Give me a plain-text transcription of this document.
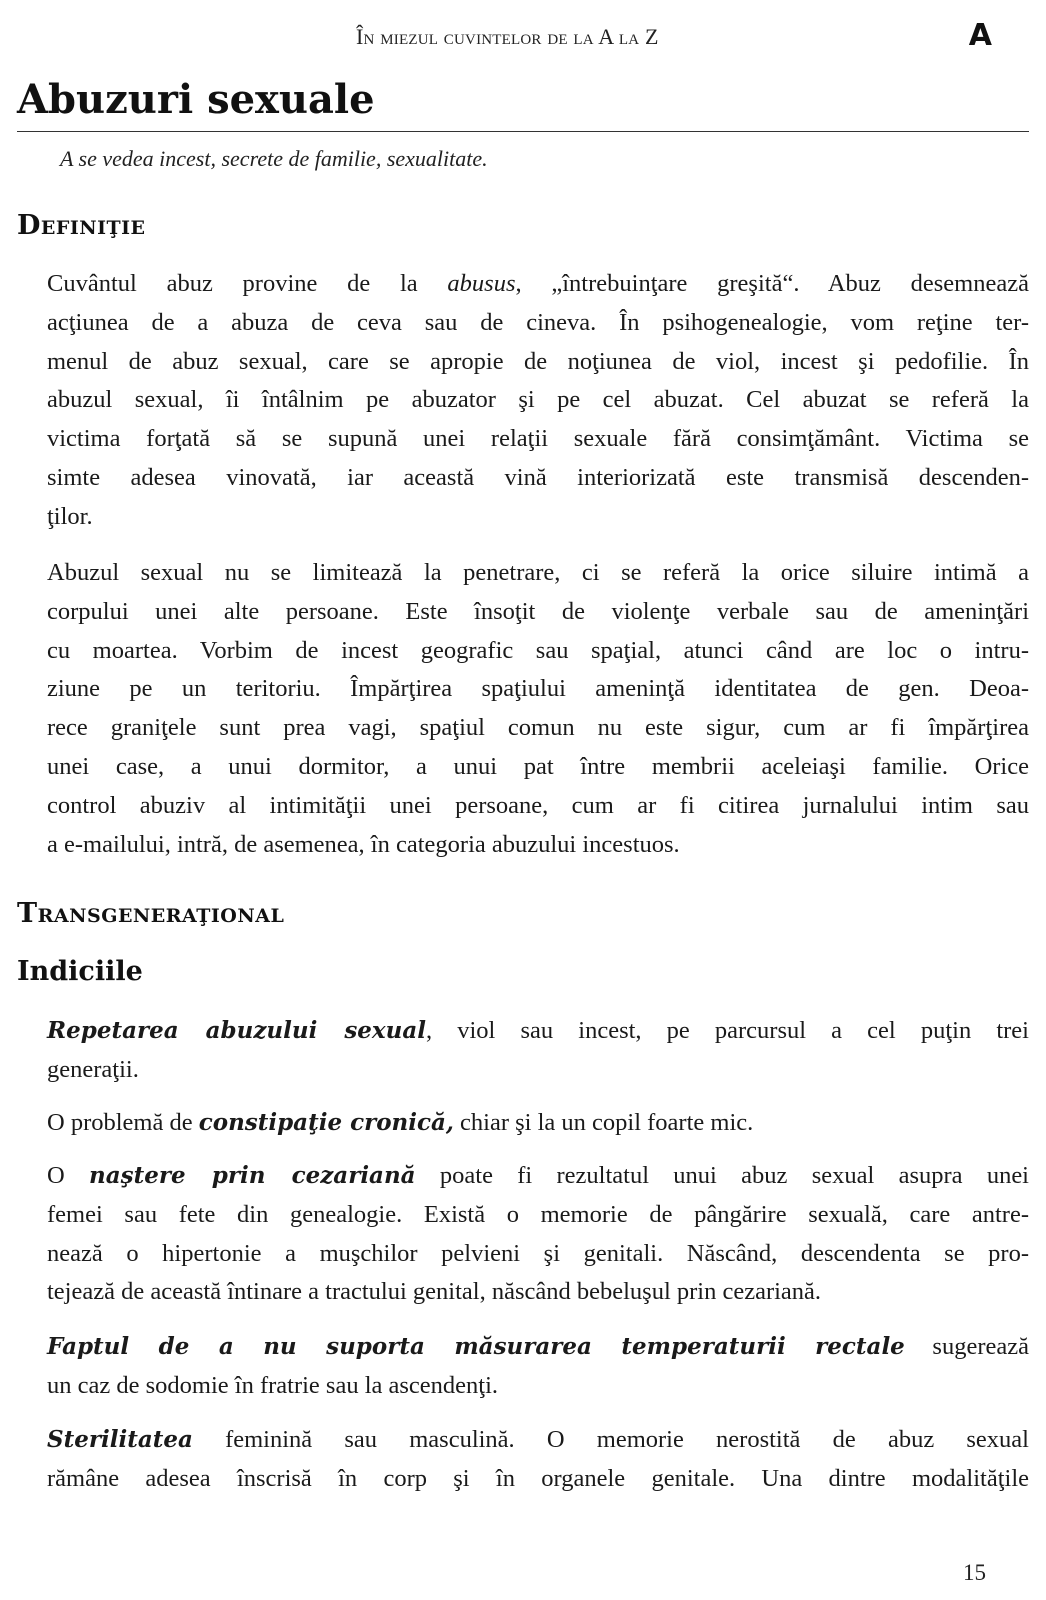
În miezul cuvintelor de la A la Z	A
Abuzuri sexuale
A se vedea incest, secrete de familie, sexualitate.
Definiţie

Cuvântul abuz provine de la abusus, „întrebuinţare greşită“. Abuz desemnează
acţiunea de a abuza de ceva sau de cineva. În psihogenealogie, vom reţine ter-
menul de abuz sexual, care se apropie de noţiunea de viol, incest şi pedofilie. În
abuzul sexual, îi întâlnim pe abuzator şi pe cel abuzat. Cel abuzat se referă la
victima forţată să se supună unei relaţii sexuale fără consimţământ. Victima se
simte adesea vinovată, iar această vină interiorizată este transmisă descenden-
ţilor.

Abuzul sexual nu se limitează la penetrare, ci se referă la orice siluire intimă a
corpului unei alte persoane. Este însoţit de violenţe verbale sau de ameninţări
cu moartea. Vorbim de incest geografic sau spaţial, atunci când are loc o intru-
ziune pe un teritoriu. Împărţirea spaţiului ameninţă identitatea de gen. Deoa-
rece graniţele sunt prea vagi, spaţiul comun nu este sigur, cum ar fi împărţirea
unei case, a unui dormitor, a unui pat între membrii aceleiaşi familie. Orice
control abuziv al intimităţii unei persoane, cum ar fi citirea jurnalului intim sau
a e-mailului, intră, de asemenea, în categoria abuzului incestuos.

Transgeneraţional
Indiciile

Repetarea abuzului sexual, viol sau incest, pe parcursul a cel puţin trei
generaţii.

O problemă de constipaţie cronică, chiar şi la un copil foarte mic.

O naştere prin cezariană poate fi rezultatul unui abuz sexual asupra unei
femei sau fete din genealogie. Există o memorie de pângărire sexuală, care antre-
nează o hipertonie a muşchilor pelvieni şi genitali. Născând, descendenta se pro-
tejează de această întinare a tractului genital, născând bebeluşul prin cezariană.

Faptul de a nu suporta măsurarea temperaturii rectale sugerează
un caz de sodomie în fratrie sau la ascendenţi.

Sterilitatea feminină sau masculină. O memorie nerostită de abuz sexual
rămâne adesea înscrisă în corp şi în organele genitale. Una dintre modalităţile

15
